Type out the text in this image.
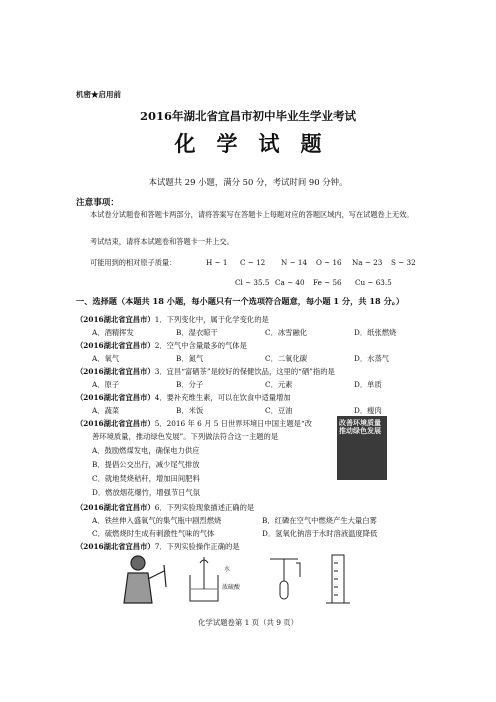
机密★启用前
2016年湖北省宜昌市初中毕业生学业考试
化学试题
本试题共 29 小题，满分 50 分，考试时间 90 分钟。
注意事项：
本试卷分试题卷和答题卡两部分，请将答案写在答题卡上每题对应的答题区域内，写在试题卷上无效。
考试结束，请将本试题卷和答题卡一并上交。
可能用到的相对原子质量：	H ~ 1 C ~ 12 N ~ 14 O ~ 16 Na ~ 23 S ~ 32
Cl ~ 35.5 Ca ~ 40 Fe ~ 56 Cu ~ 63.5
一、选择题（本题共 18 小题，每小题只有一个选项符合题意，每小题 1 分，共 18 分。）
（2016湖北省宜昌市）1．下列变化中，属于化学变化的是
A．酒精挥发	B．湿衣晾干	C．冰雪融化	D．纸张燃烧
（2016湖北省宜昌市）2．空气中含量最多的气体是
A．氧气	B．氮气	C．二氧化碳	D．水蒸气
（2016湖北省宜昌市）3．宜昌“富硒茶”是较好的保健饮品，这里的“硒”指的是
A．原子	B．分子	C．元素	D．单质
（2016湖北省宜昌市）4．要补充维生素，可以在饮食中适量增加
A．蔬菜	B．米饭	C．豆油	D．瘦肉
（2016湖北省宜昌市）5．2016 年 6 月 5 日世界环境日中国主题是“改
善环境质量，推动绿色发展”。下列做法符合这一主题的是
A．鼓励燃煤发电，确保电力供应
B．提倡公交出行，减少尾气排放
C．就地焚烧秸秆，增加田间肥料
D．燃放烟花爆竹，增强节日气氛
改善环境质量推动绿色发展
（2016湖北省宜昌市）6．下列实验现象描述正确的是
A．铁丝伸入盛氧气的集气瓶中剧烈燃烧	B．红磷在空气中燃烧产生大量白雾
C．硫燃烧时生成有刺激性气味的气体	D．氢氧化钠溶于水时溶液温度降低
（2016湖北省宜昌市）7．下列实验操作正确的是
水
浓硫酸
化学试题卷第 1 页（共 9 页）
